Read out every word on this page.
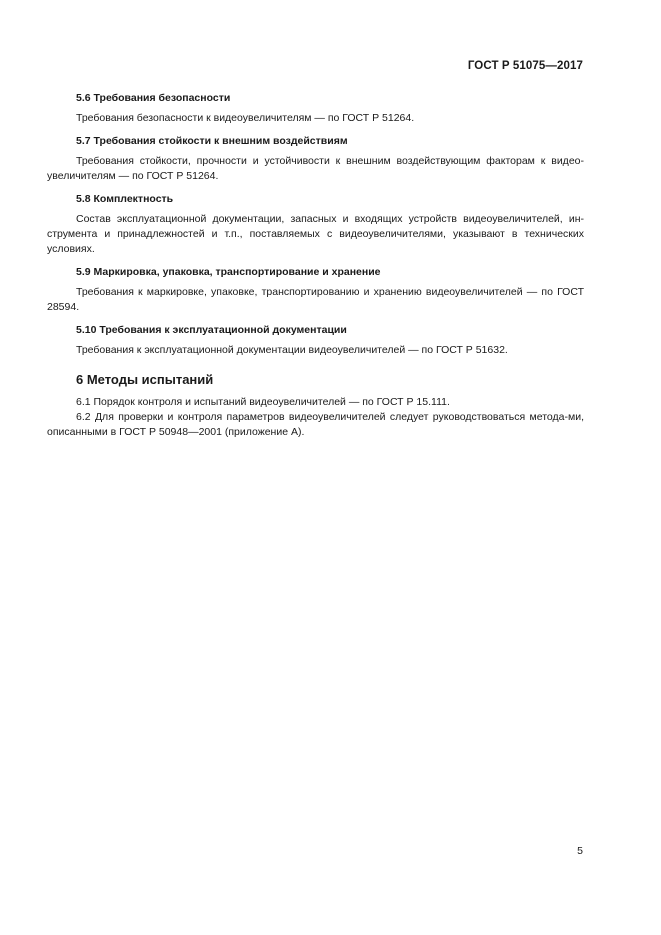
ГОСТ Р 51075—2017
5.6 Требования безопасности

Требования безопасности к видеоувеличителям — по ГОСТ Р 51264.

5.7 Требования стойкости к внешним воздействиям

Требования стойкости, прочности и устойчивости к внешним воздействующим факторам к видео-увеличителям — по ГОСТ Р 51264.

5.8 Комплектность

Состав эксплуатационной документации, запасных и входящих устройств видеоувеличителей, ин-струмента и принадлежностей и т.п., поставляемых с видеоувеличителями, указывают в технических условиях.

5.9 Маркировка, упаковка, транспортирование и хранение

Требования к маркировке, упаковке, транспортированию и хранению видеоувеличителей — по ГОСТ 28594.

5.10 Требования к эксплуатационной документации

Требования к эксплуатационной документации видеоувеличителей — по ГОСТ Р 51632.

6 Методы испытаний

6.1 Порядок контроля и испытаний видеоувеличителей — по ГОСТ Р 15.111.

6.2 Для проверки и контроля параметров видеоувеличителей следует руководствоваться метода-ми, описанными в ГОСТ Р 50948—2001 (приложение А).

5
